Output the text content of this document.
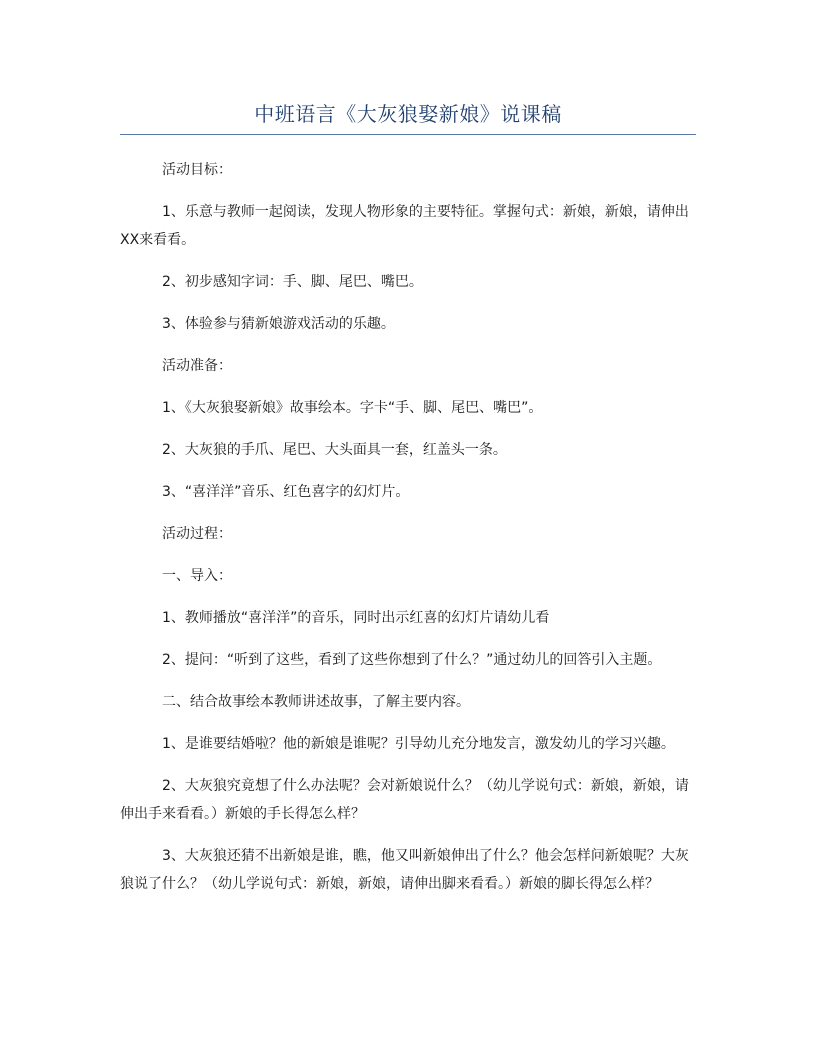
中班语言《大灰狼娶新娘》说课稿

活动目标：

1、乐意与教师一起阅读，发现人物形象的主要特征。掌握句式：新娘，新娘，请伸出XX来看看。

2、初步感知字词：手、脚、尾巴、嘴巴。

3、体验参与猜新娘游戏活动的乐趣。

活动准备：

1、《大灰狼娶新娘》故事绘本。字卡“手、脚、尾巴、嘴巴”。

2、大灰狼的手爪、尾巴、大头面具一套，红盖头一条。

3、“喜洋洋”音乐、红色喜字的幻灯片。

活动过程：

一、导入：

1、教师播放“喜洋洋”的音乐，同时出示红喜的幻灯片请幼儿看

2、提问：“听到了这些，看到了这些你想到了什么？”通过幼儿的回答引入主题。

二、结合故事绘本教师讲述故事，了解主要内容。

1、是谁要结婚啦？他的新娘是谁呢？引导幼儿充分地发言，激发幼儿的学习兴趣。

2、大灰狼究竟想了什么办法呢？会对新娘说什么？（幼儿学说句式：新娘，新娘，请伸出手来看看。）新娘的手长得怎么样？

3、大灰狼还猜不出新娘是谁，瞧，他又叫新娘伸出了什么？他会怎样问新娘呢？大灰狼说了什么？（幼儿学说句式：新娘，新娘，请伸出脚来看看。）新娘的脚长得怎么样？
